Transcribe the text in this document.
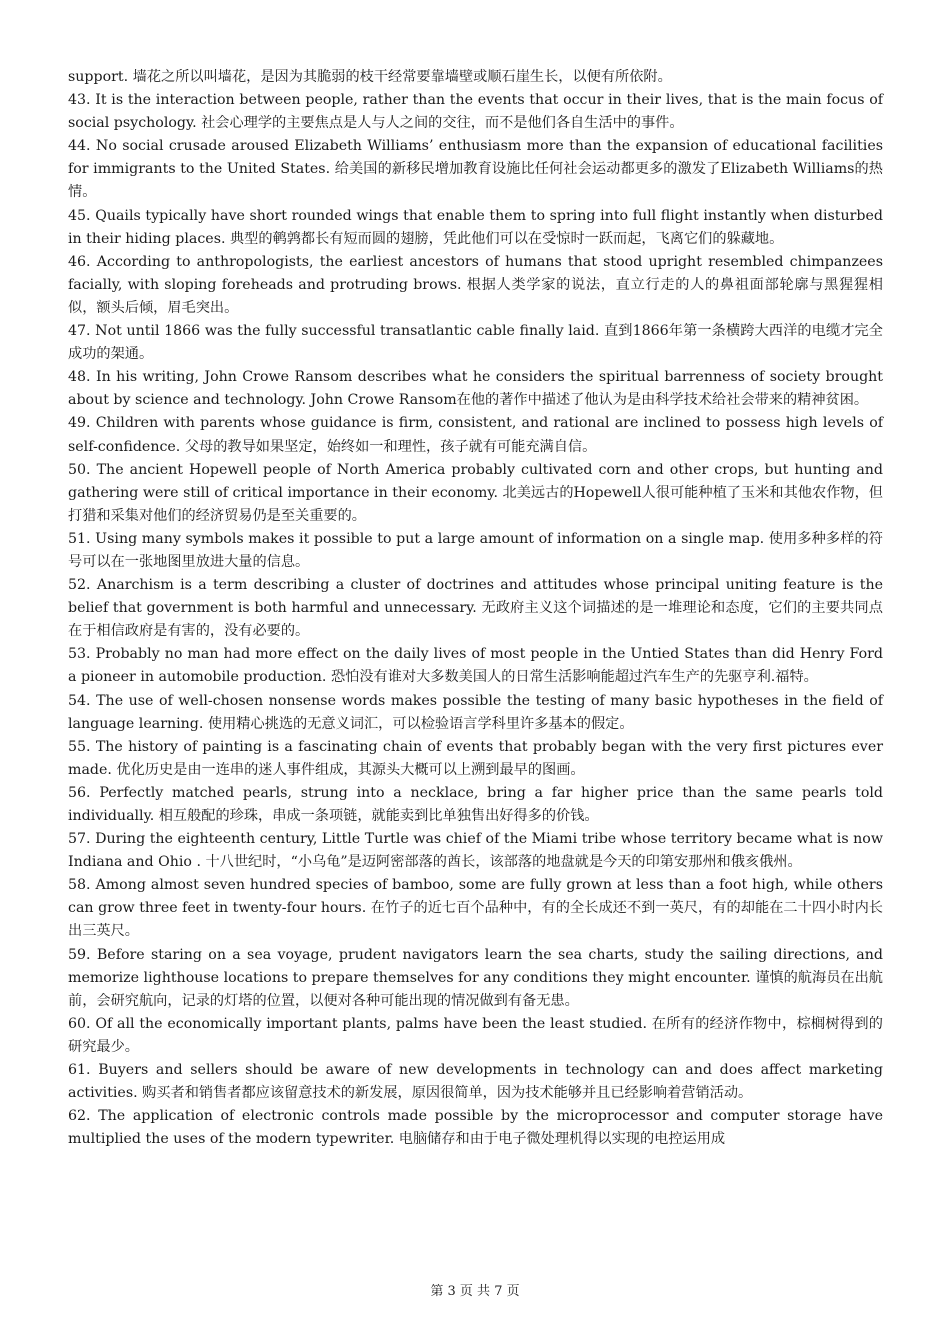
support. 墙花之所以叫墙花，是因为其脆弱的枝干经常要靠墙壁或顺石崖生长，以便有所依附。

43. It is the interaction between people, rather than the events that occur in their lives, that is the main focus of social psychology. 社会心理学的主要焦点是人与人之间的交往，而不是他们各自生活中的事件。

44. No social crusade aroused Elizabeth Williams’ enthusiasm more than the expansion of educational facilities for immigrants to the United States. 给美国的新移民增加教育设施比任何社会运动都更多的激发了Elizabeth Williams的热情。

45. Quails typically have short rounded wings that enable them to spring into full flight instantly when disturbed in their hiding places. 典型的鹌鹑都长有短而圆的翅膀，凭此他们可以在受惊时一跃而起，飞离它们的躲藏地。

46. According to anthropologists, the earliest ancestors of humans that stood upright resembled chimpanzees facially, with sloping foreheads and protruding brows. 根据人类学家的说法，直立行走的人的鼻祖面部轮廓与黑猩猩相似，额头后倾，眉毛突出。

47. Not until 1866 was the fully successful transatlantic cable finally laid. 直到1866年第一条横跨大西洋的电缆才完全成功的架通。

48. In his writing, John Crowe Ransom describes what he considers the spiritual barrenness of society brought about by science and technology. John Crowe Ransom在他的著作中描述了他认为是由科学技术给社会带来的精神贫困。

49. Children with parents whose guidance is firm, consistent, and rational are inclined to possess high levels of self-confidence. 父母的教导如果坚定，始终如一和理性，孩子就有可能充满自信。

50. The ancient Hopewell people of North America probably cultivated corn and other crops, but hunting and gathering were still of critical importance in their economy. 北美远古的Hopewell人很可能种植了玉米和其他农作物，但打猎和采集对他们的经济贸易仍是至关重要的。

51. Using many symbols makes it possible to put a large amount of information on a single map. 使用多种多样的符号可以在一张地图里放进大量的信息。

52. Anarchism is a term describing a cluster of doctrines and attitudes whose principal uniting feature is the belief that government is both harmful and unnecessary. 无政府主义这个词描述的是一堆理论和态度，它们的主要共同点在于相信政府是有害的，没有必要的。

53. Probably no man had more effect on the daily lives of most people in the Untied States than did Henry Ford a pioneer in automobile production. 恐怕没有谁对大多数美国人的日常生活影响能超过汽车生产的先驱亨利.福特。

54. The use of well-chosen nonsense words makes possible the testing of many basic hypotheses in the field of language learning. 使用精心挑选的无意义词汇，可以检验语言学科里许多基本的假定。

55. The history of painting is a fascinating chain of events that probably began with the very first pictures ever made. 优化历史是由一连串的迷人事件组成，其源头大概可以上溯到最早的图画。

56. Perfectly matched pearls, strung into a necklace, bring a far higher price than the same pearls told individually. 相互般配的珍珠，串成一条项链，就能卖到比单独售出好得多的价钱。

57. During the eighteenth century, Little Turtle was chief of the Miami tribe whose territory became what is now Indiana and Ohio . 十八世纪时，“小乌龟”是迈阿密部落的酋长，该部落的地盘就是今天的印第安那州和俄亥俄州。

58. Among almost seven hundred species of bamboo, some are fully grown at less than a foot high, while others can grow three feet in twenty-four hours. 在竹子的近七百个品种中，有的全长成还不到一英尺，有的却能在二十四小时内长出三英尺。

59. Before staring on a sea voyage, prudent navigators learn the sea charts, study the sailing directions, and memorize lighthouse locations to prepare themselves for any conditions they might encounter. 谨慎的航海员在出航前，会研究航向，记录的灯塔的位置，以便对各种可能出现的情况做到有备无患。

60. Of all the economically important plants, palms have been the least studied. 在所有的经济作物中，棕榈树得到的研究最少。

61. Buyers and sellers should be aware of new developments in technology can and does affect marketing activities. 购买者和销售者都应该留意技术的新发展，原因很简单，因为技术能够并且已经影响着营销活动。

62. The application of electronic controls made possible by the microprocessor and computer storage have multiplied the uses of the modern typewriter. 电脑储存和由于电子微处理机得以实现的电控运用成

第 3 页 共 7 页
